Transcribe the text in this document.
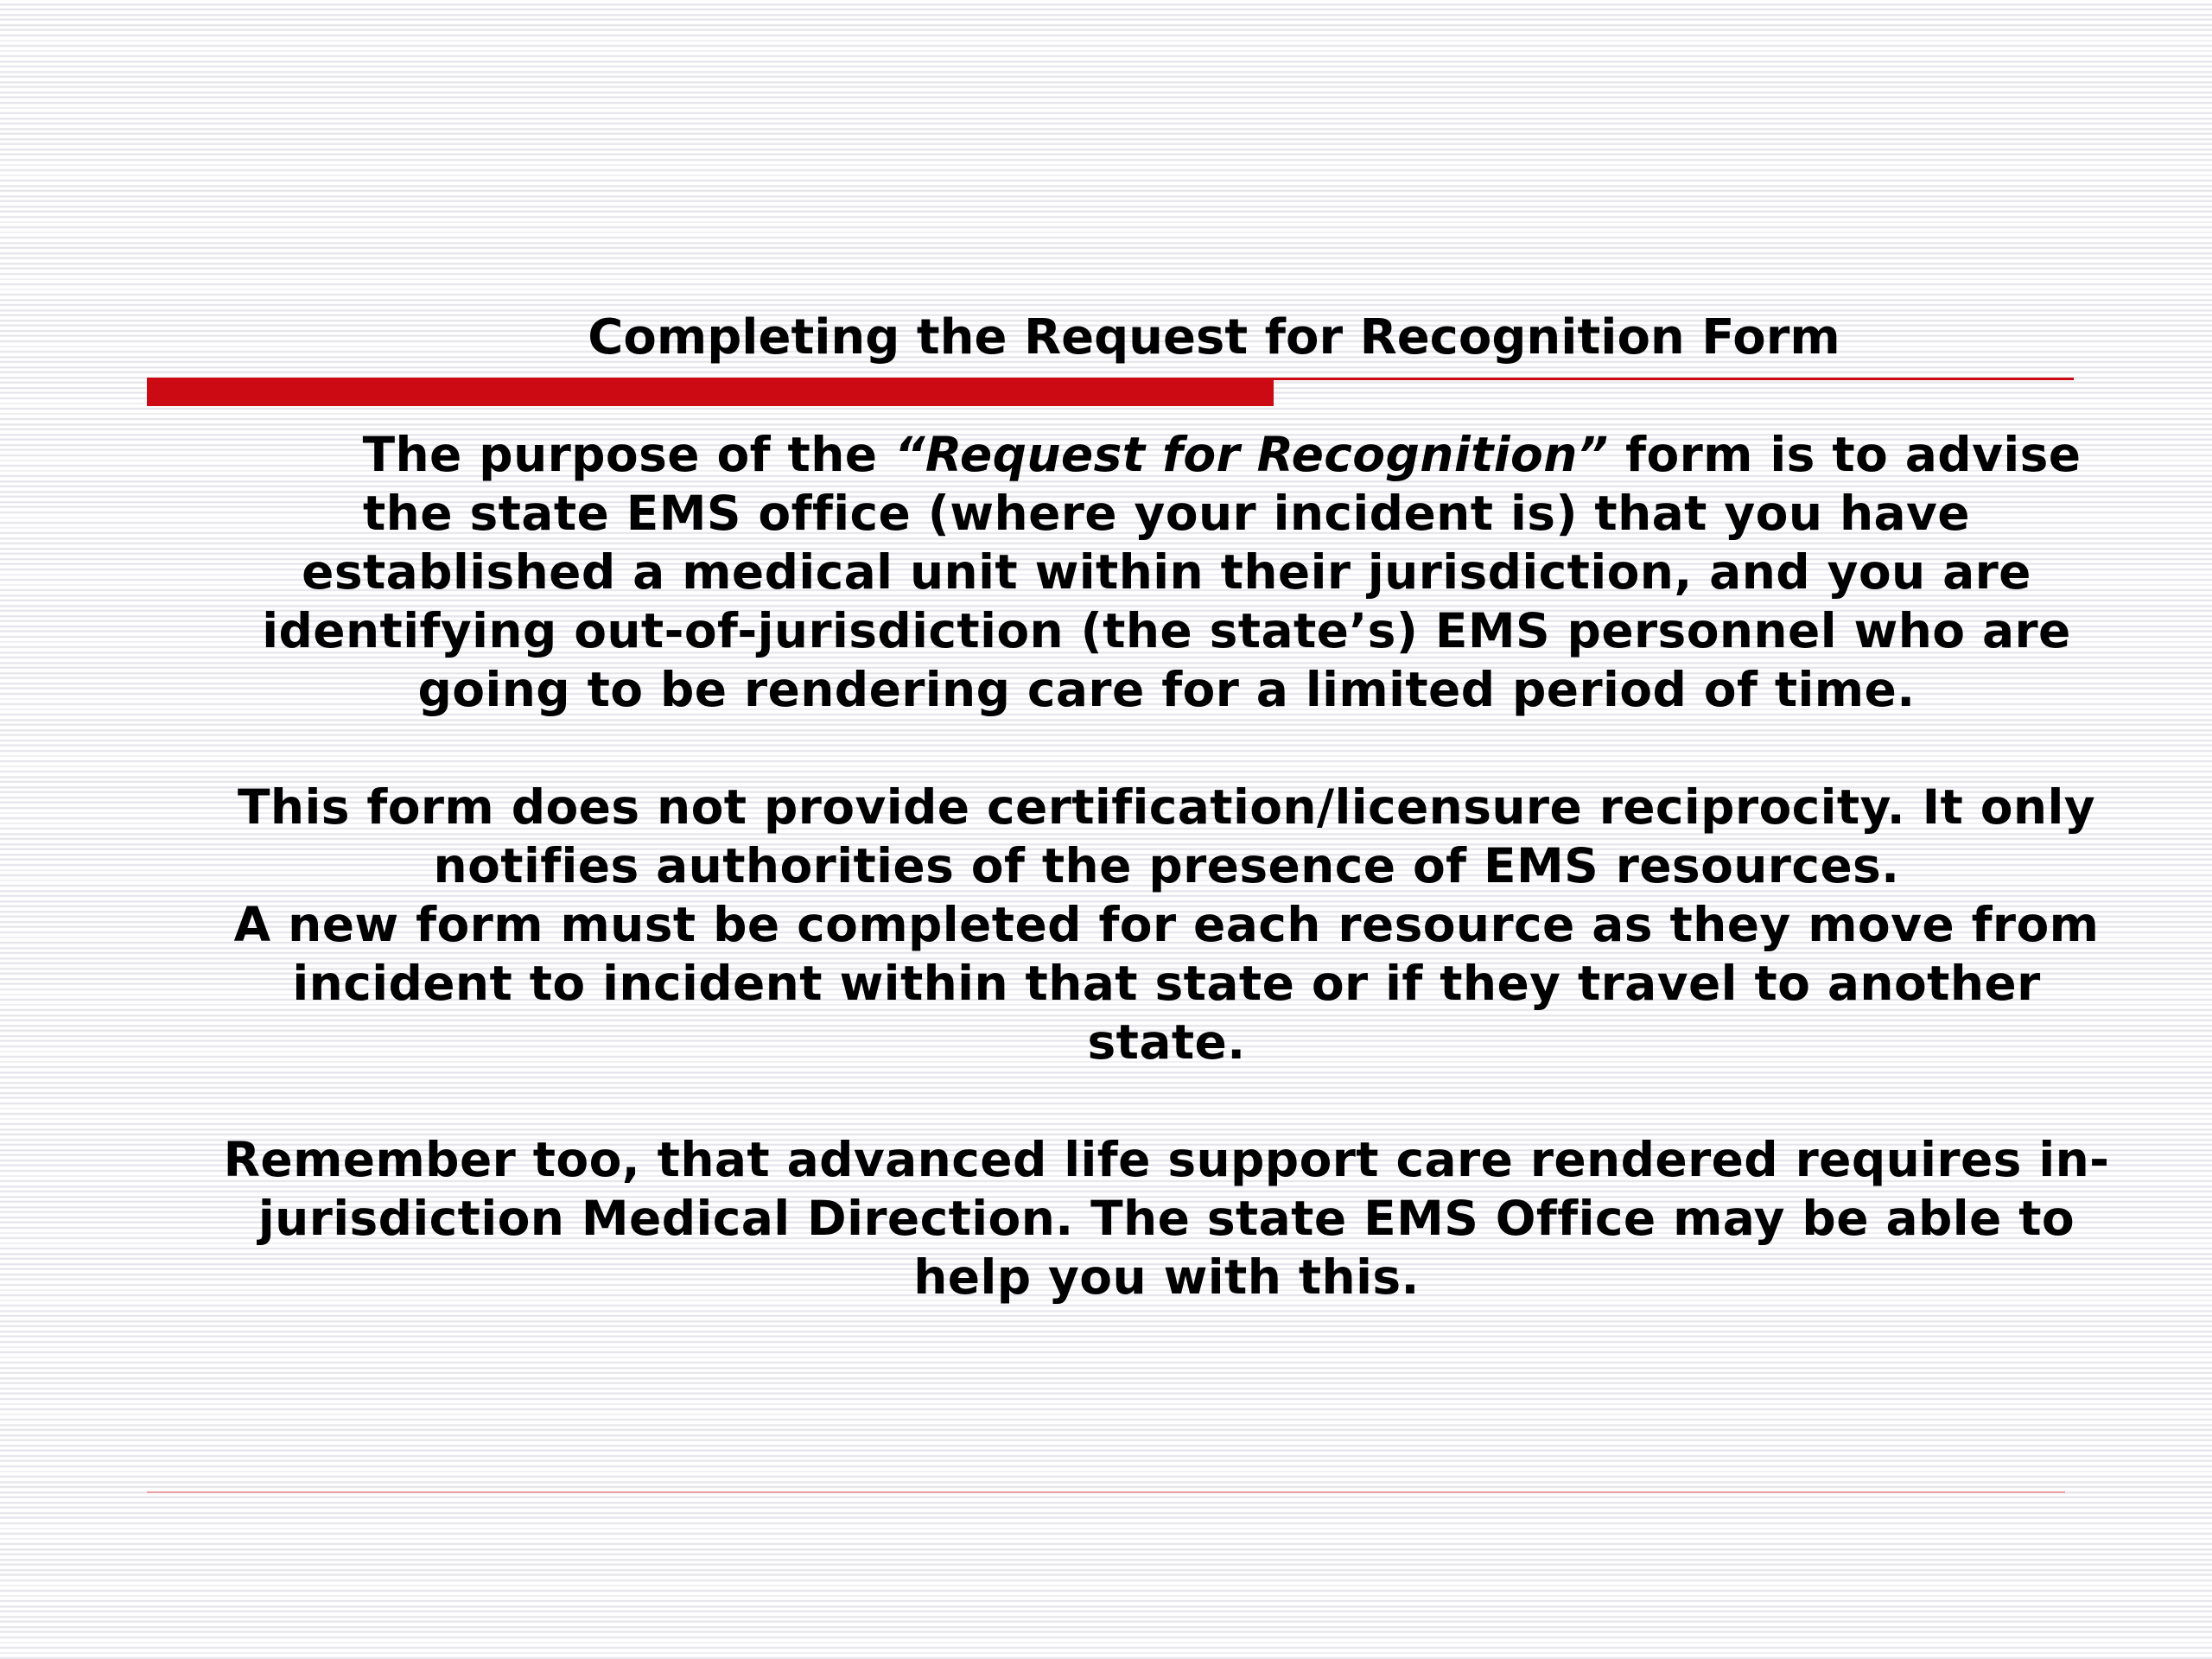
Completing the Request for Recognition Form

The purpose of the “Request for Recognition” form is to advise the state EMS office (where your incident is) that you have established a medical unit within their jurisdiction, and you are identifying out-of-jurisdiction (the state’s) EMS personnel who are going to be rendering care for a limited period of time.

This form does not provide certification/licensure reciprocity. It only notifies authorities of the presence of EMS resources.

A new form must be completed for each resource as they move from incident to incident within that state or if they travel to another state.

Remember too, that advanced life support care rendered requires in-jurisdiction Medical Direction. The state EMS Office may be able to help you with this.
